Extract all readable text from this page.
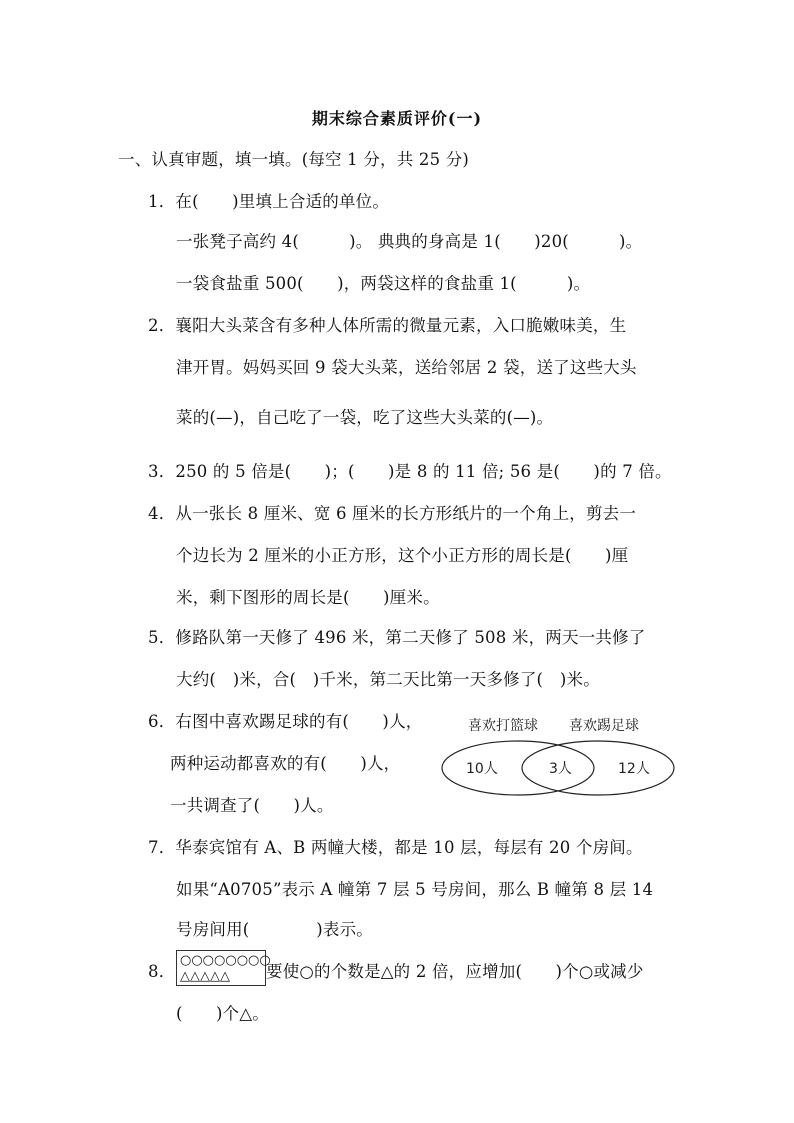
期末综合素质评价(一)
一、认真审题，填一填。(每空 1 分，共 25 分)
1．在(　　)里填上合适的单位。
一张凳子高约 4(　　　)。 典典的身高是 1(　　)20(　　　)。
一袋食盐重 500(　　)，两袋这样的食盐重 1(　　　)。
2．襄阳大头菜含有多种人体所需的微量元素，入口脆嫩味美，生
津开胃。妈妈买回 9 袋大头菜，送给邻居 2 袋，送了这些大头
菜的(—)，自己吃了一袋，吃了这些大头菜的(—)。
3．250 的 5 倍是(　　)；(　　)是 8 的 11 倍; 56 是(　　)的 7 倍。
4．从一张长 8 厘米、宽 6 厘米的长方形纸片的一个角上，剪去一
个边长为 2 厘米的小正方形，这个小正方形的周长是(　　)厘
米，剩下图形的周长是(　　)厘米。
5．修路队第一天修了 496 米，第二天修了 508 米，两天一共修了
大约(　)米，合(　)千米，第二天比第一天多修了(　)米。
6．右图中喜欢踢足球的有(　　)人，
两种运动都喜欢的有(　　)人，
一共调查了(　　)人。
喜欢打篮球 喜欢踢足球
10人	3人	12人
7．华泰宾馆有 A、B 两幢大楼，都是 10 层，每层有 20 个房间。
如果“A0705”表示 A 幢第 7 层 5 号房间，那么 B 幢第 8 层 14
号房间用(　　　　)表示。
8．
○○○○○○○○
△△△△△ 要使○的个数是△的 2 倍，应增加(　　)个○或减少
(　　)个△。
